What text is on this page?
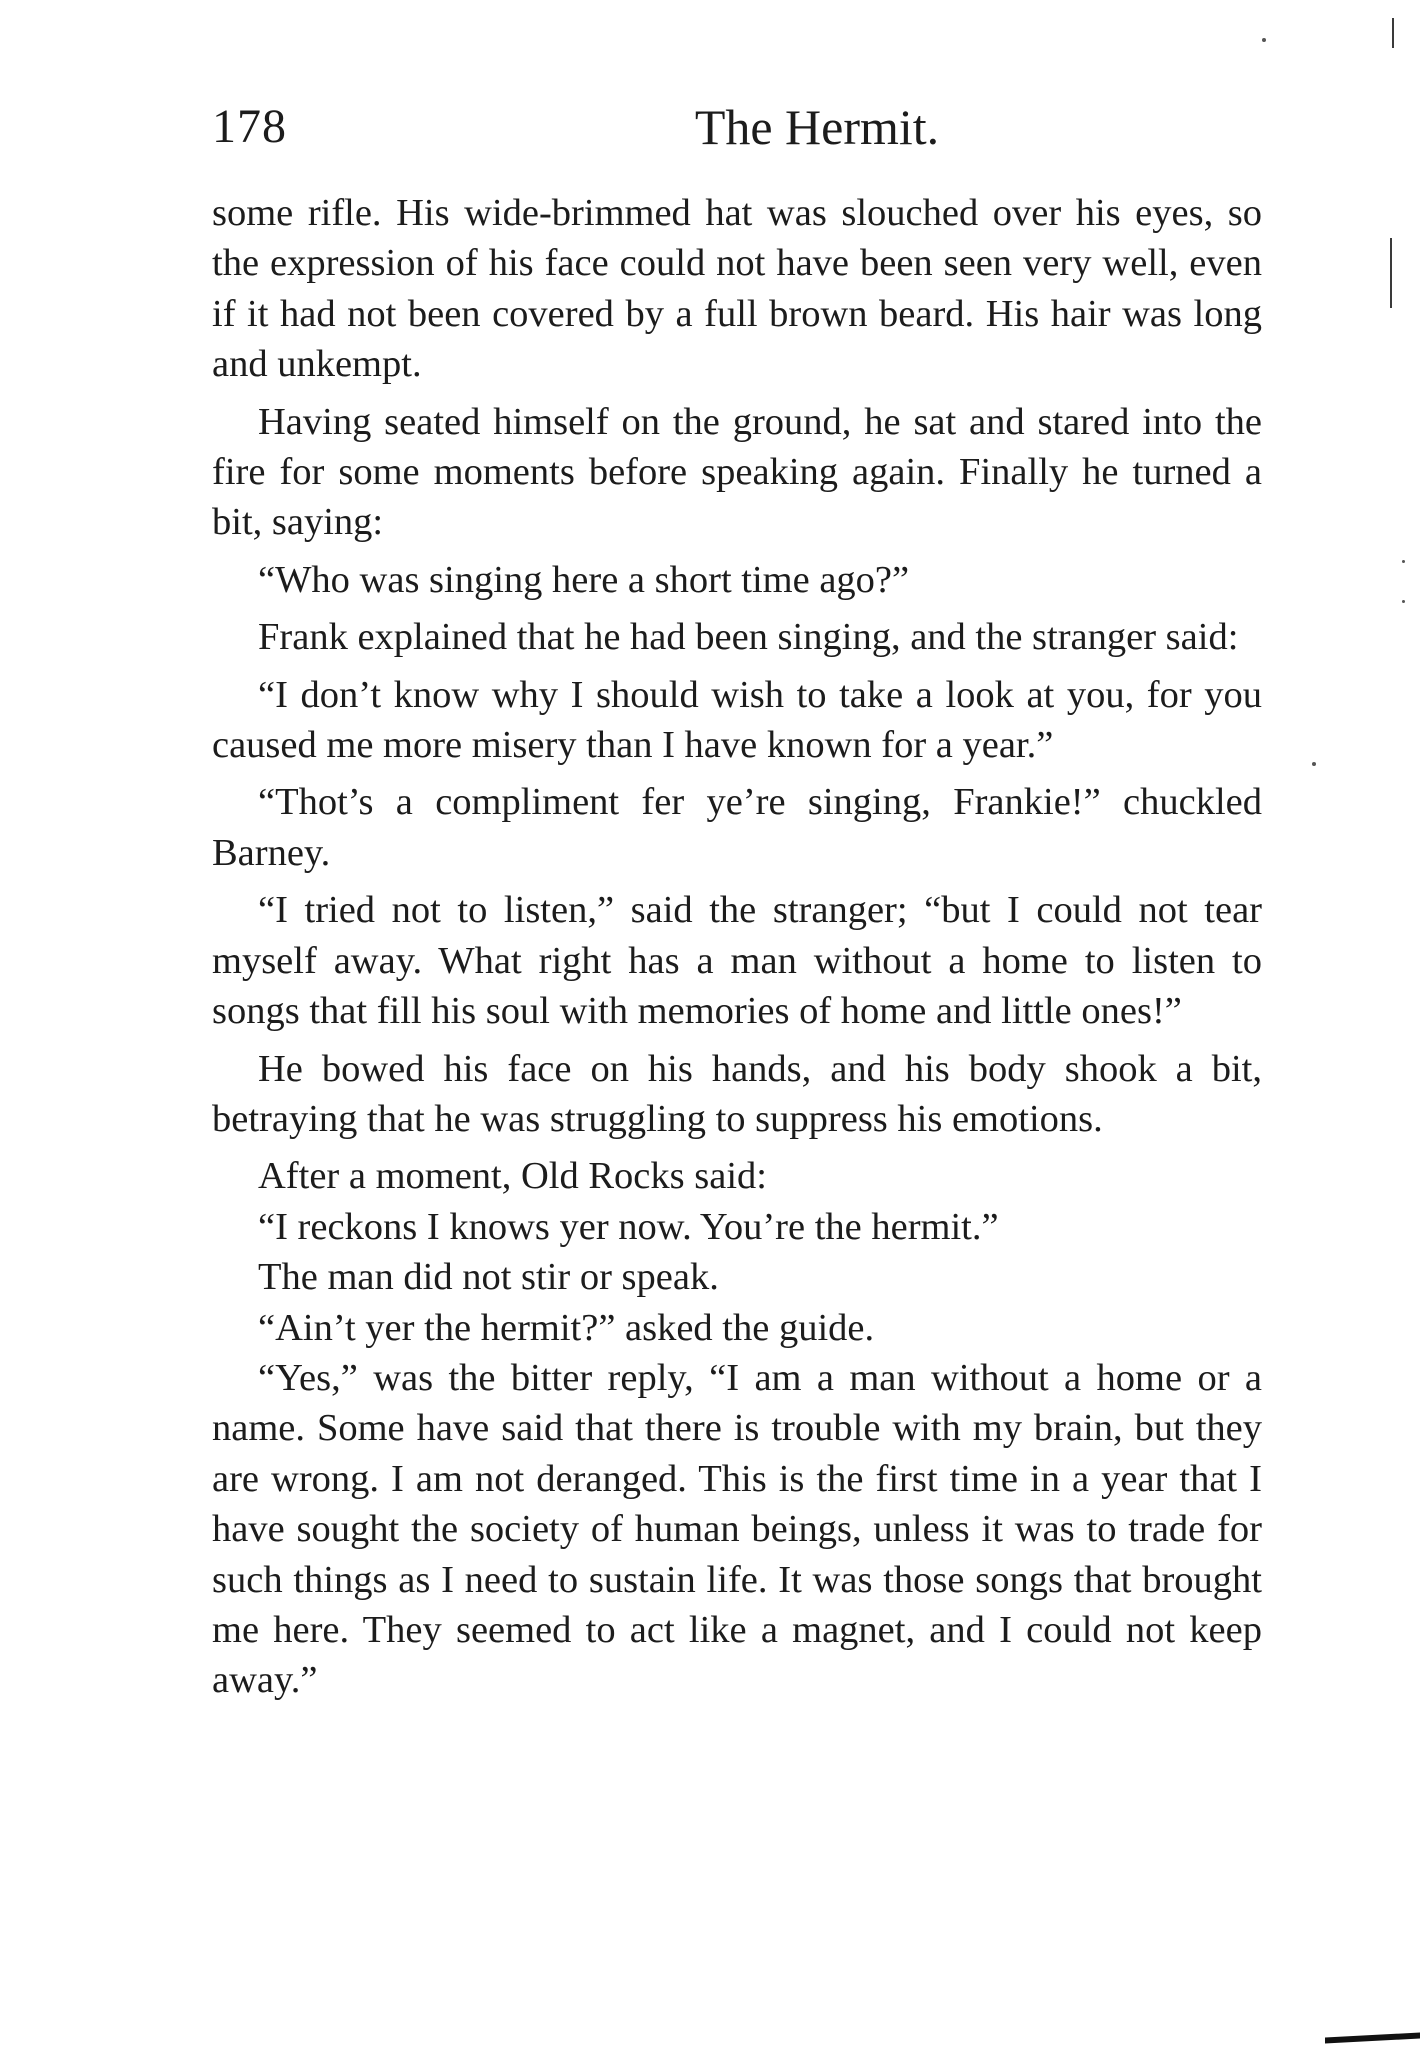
178	The Hermit.

some rifle. His wide-brimmed hat was slouched over his eyes, so the expression of his face could not have been seen very well, even if it had not been covered by a full brown beard. His hair was long and unkempt.

Having seated himself on the ground, he sat and stared into the fire for some moments before speaking again. Finally he turned a bit, saying:

“Who was singing here a short time ago?”

Frank explained that he had been singing, and the stranger said:

“I don’t know why I should wish to take a look at you, for you caused me more misery than I have known for a year.”

“Thot’s a compliment fer ye’re singing, Frankie!” chuckled Barney.

“I tried not to listen,” said the stranger; “but I could not tear myself away. What right has a man without a home to listen to songs that fill his soul with memories of home and little ones!”

He bowed his face on his hands, and his body shook a bit, betraying that he was struggling to suppress his emotions.

After a moment, Old Rocks said:

“I reckons I knows yer now. You’re the hermit.”

The man did not stir or speak.

“Ain’t yer the hermit?” asked the guide.

“Yes,” was the bitter reply, “I am a man without a home or a name. Some have said that there is trouble with my brain, but they are wrong. I am not deranged. This is the first time in a year that I have sought the society of human beings, unless it was to trade for such things as I need to sustain life. It was those songs that brought me here. They seemed to act like a magnet, and I could not keep away.”
